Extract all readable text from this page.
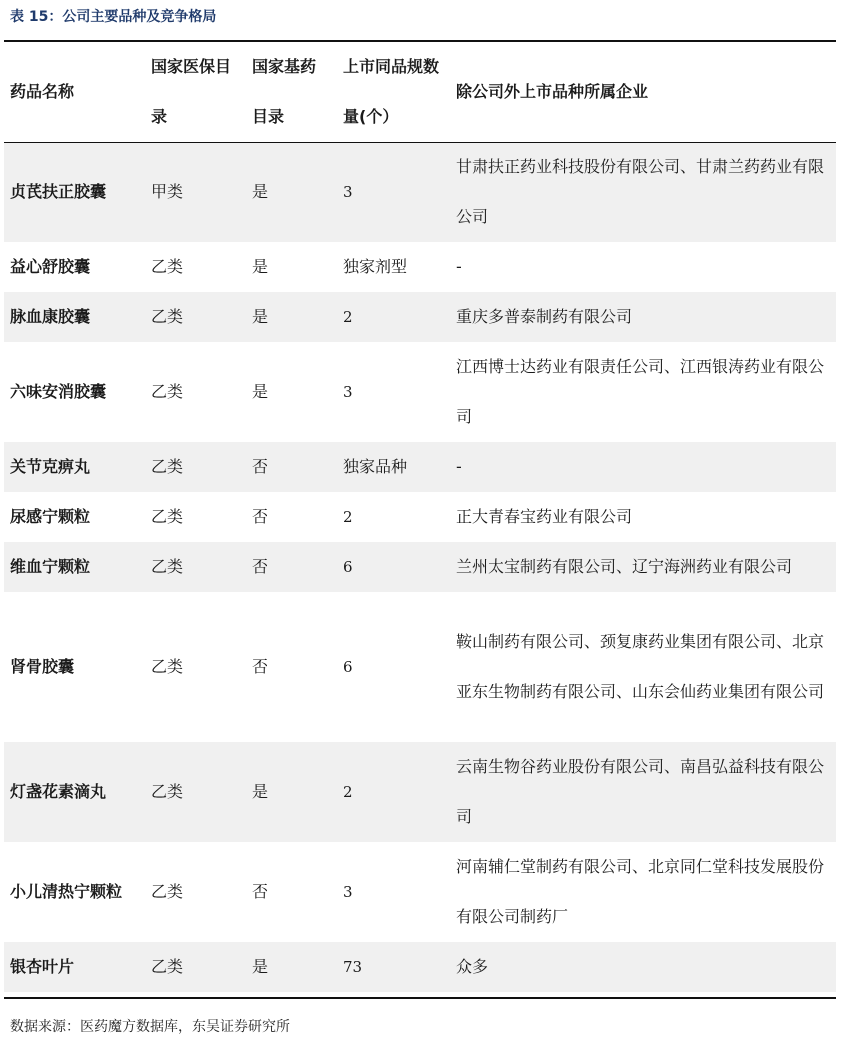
表 15：公司主要品种及竞争格局
药品名称	国家医保目录	国家基药目录	上市同品规数量(个）	除公司外上市品种所属企业
贞芪扶正胶囊	甲类	是	3	甘肃扶正药业科技股份有限公司、甘肃兰药药业有限公司
益心舒胶囊	乙类	是	独家剂型	-
脉血康胶囊	乙类	是	2	重庆多普泰制药有限公司
六味安消胶囊	乙类	是	3	江西博士达药业有限责任公司、江西银涛药业有限公司
关节克痹丸	乙类	否	独家品种	-
尿感宁颗粒	乙类	否	2	正大青春宝药业有限公司
维血宁颗粒	乙类	否	6	兰州太宝制药有限公司、辽宁海洲药业有限公司
肾骨胶囊	乙类	否	6	鞍山制药有限公司、颈复康药业集团有限公司、北京亚东生物制药有限公司、山东会仙药业集团有限公司
灯盏花素滴丸	乙类	是	2	云南生物谷药业股份有限公司、南昌弘益科技有限公司
小儿清热宁颗粒	乙类	否	3	河南辅仁堂制药有限公司、北京同仁堂科技发展股份有限公司制药厂
银杏叶片	乙类	是	73	众多
数据来源：医药魔方数据库，东吴证券研究所
